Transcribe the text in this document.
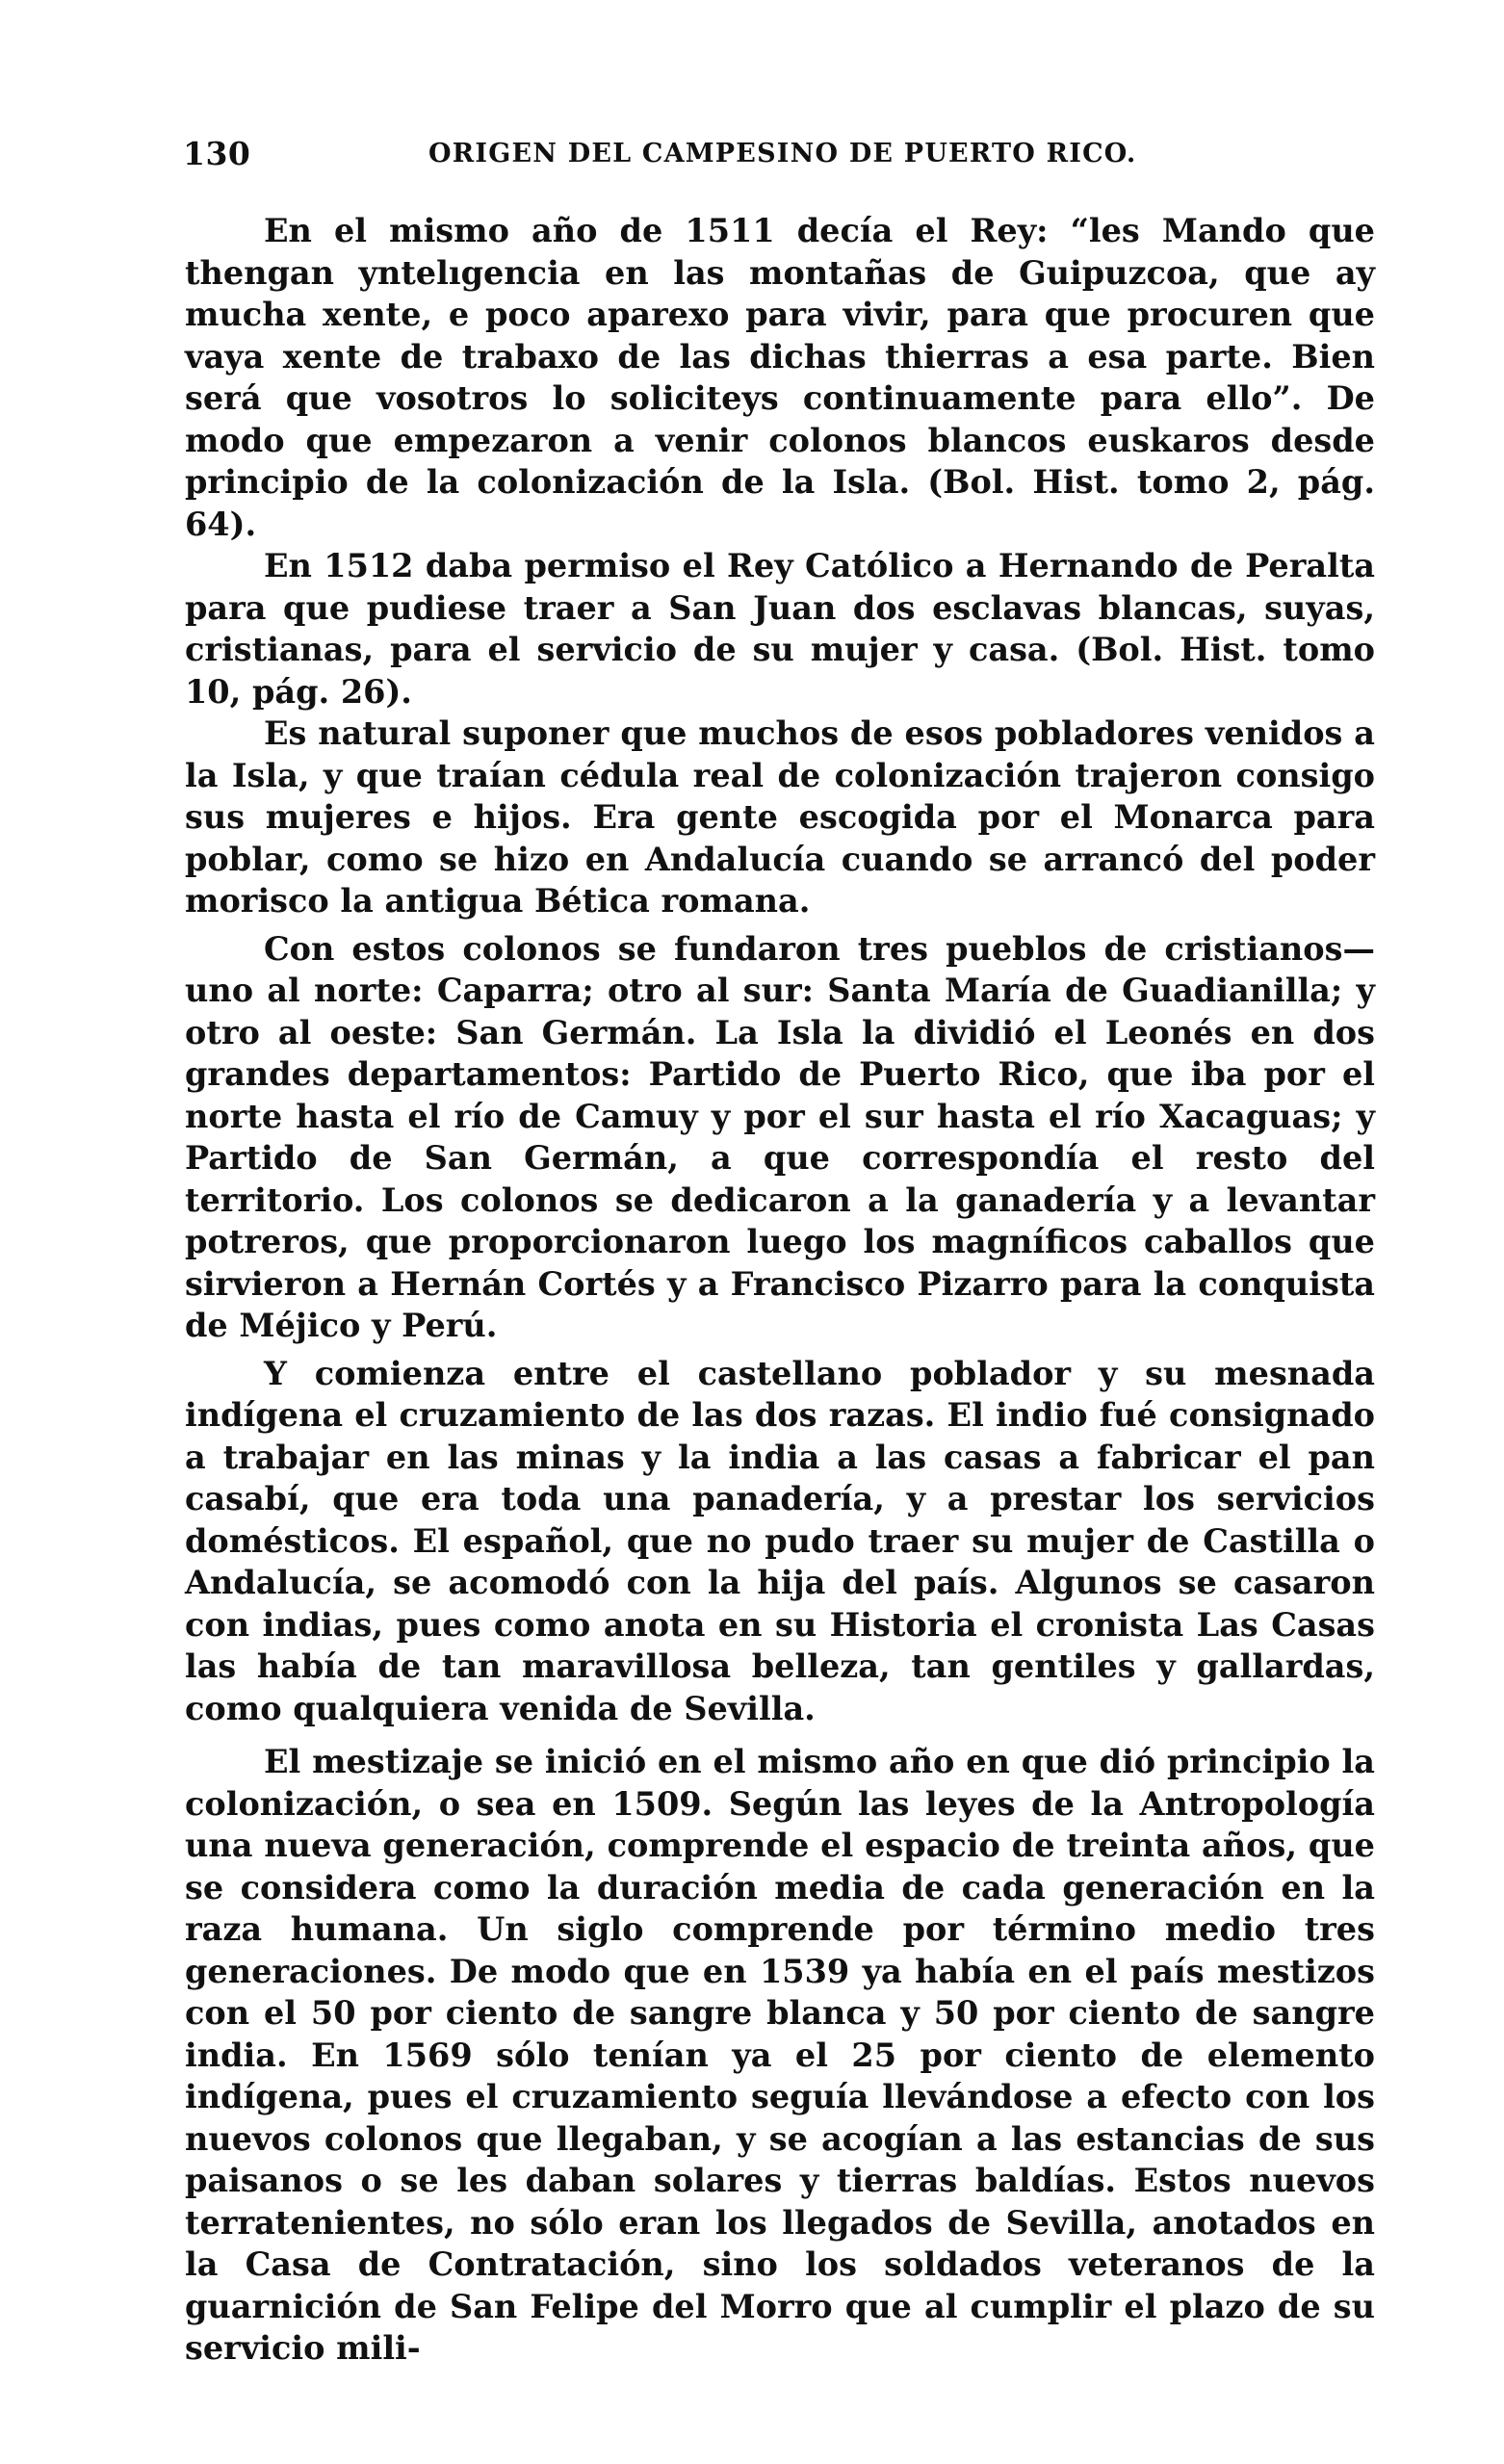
130	ORIGEN DEL CAMPESINO DE PUERTO RICO.

En el mismo año de 1511 decía el Rey: “les Mando que thengan yntelıgencia en las montañas de Guipuzcoa, que ay mucha xente, e poco aparexo para vivir, para que procuren que vaya xente de trabaxo de las dichas thierras a esa parte. Bien será que vosotros lo soliciteys continuamente para ello”. De modo que empezaron a venir colonos blancos euskaros desde principio de la colonización de la Isla. (Bol. Hist. tomo 2, pág. 64).

En 1512 daba permiso el Rey Católico a Hernando de Peralta para que pudiese traer a San Juan dos esclavas blancas, suyas, cristianas, para el servicio de su mujer y casa. (Bol. Hist. tomo 10, pág. 26).

Es natural suponer que muchos de esos pobladores venidos a la Isla, y que traían cédula real de colonización trajeron consigo sus mujeres e hijos. Era gente escogida por el Monarca para poblar, como se hizo en Andalucía cuando se arrancó del poder morisco la antigua Bética romana.

Con estos colonos se fundaron tres pueblos de cristianos— uno al norte: Caparra; otro al sur: Santa María de Guadianilla; y otro al oeste: San Germán. La Isla la dividió el Leonés en dos grandes departamentos: Partido de Puerto Rico, que iba por el norte hasta el río de Camuy y por el sur hasta el río Xacaguas; y Partido de San Germán, a que correspondía el resto del territorio. Los colonos se dedicaron a la ganadería y a levantar potreros, que proporcionaron luego los magníficos caballos que sirvieron a Hernán Cortés y a Francisco Pizarro para la conquista de Méjico y Perú.

Y comienza entre el castellano poblador y su mesnada indígena el cruzamiento de las dos razas. El indio fué consignado a trabajar en las minas y la india a las casas a fabricar el pan casabí, que era toda una panadería, y a prestar los servicios domésticos. El español, que no pudo traer su mujer de Castilla o Andalucía, se acomodó con la hija del país. Algunos se casaron con indias, pues como anota en su Historia el cronista Las Casas las había de tan maravillosa belleza, tan gentiles y gallardas, como qualquiera venida de Sevilla.

El mestizaje se inició en el mismo año en que dió principio la colonización, o sea en 1509. Según las leyes de la Antropología una nueva generación, comprende el espacio de treinta años, que se considera como la duración media de cada generación en la raza humana. Un siglo comprende por término medio tres generaciones. De modo que en 1539 ya había en el país mestizos con el 50 por ciento de sangre blanca y 50 por ciento de sangre india. En 1569 sólo tenían ya el 25 por ciento de elemento indígena, pues el cruzamiento seguía llevándose a efecto con los nuevos colonos que llegaban, y se acogían a las estancias de sus paisanos o se les daban solares y tierras baldías. Estos nuevos terratenientes, no sólo eran los llegados de Sevilla, anotados en la Casa de Contratación, sino los soldados veteranos de la guarnición de San Felipe del Morro que al cumplir el plazo de su servicio mili-
